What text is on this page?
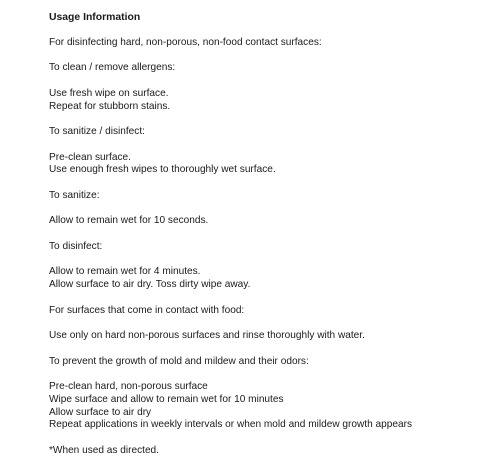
Usage Information

For disinfecting hard, non-porous, non-food contact surfaces:

To clean / remove allergens:

Use fresh wipe on surface.

Repeat for stubborn stains.

To sanitize / disinfect:

Pre-clean surface.

Use enough fresh wipes to thoroughly wet surface.

To sanitize:

Allow to remain wet for 10 seconds.

To disinfect:

Allow to remain wet for 4 minutes.

Allow surface to air dry. Toss dirty wipe away.

For surfaces that come in contact with food:

Use only on hard non-porous surfaces and rinse thoroughly with water.

To prevent the growth of mold and mildew and their odors:

Pre-clean hard, non-porous surface

Wipe surface and allow to remain wet for 10 minutes

Allow surface to air dry

Repeat applications in weekly intervals or when mold and mildew growth appears

*When used as directed.
